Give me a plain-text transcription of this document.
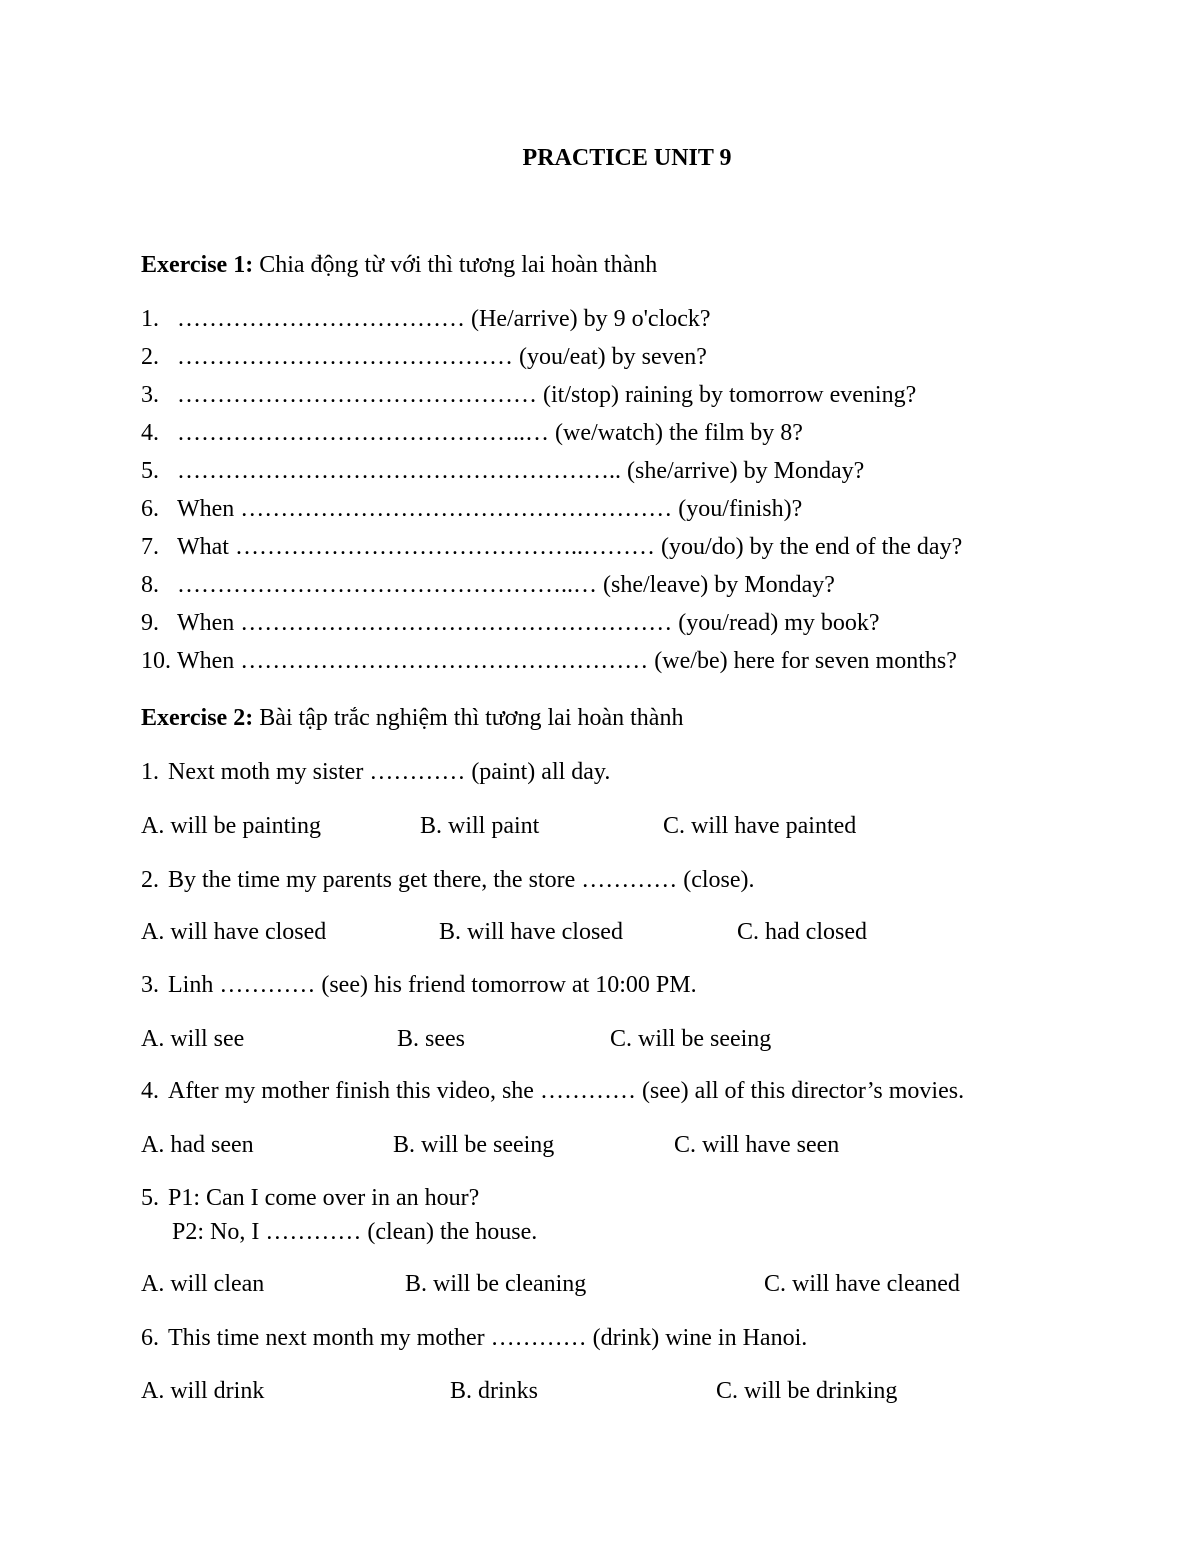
PRACTICE UNIT 9
Exercise 1: Chia động từ với thì tương lai hoàn thành
1. ……………………………… (He/arrive) by 9 o'clock?
2. …………………………………… (you/eat) by seven?
3. ……………………………………… (it/stop) raining by tomorrow evening?
4. ……………………………………..… (we/watch) the film by 8?
5. ……………………………………………….. (she/arrive) by Monday?
6. When ……………………………………………… (you/finish)?
7. What ……………………………………..……… (you/do) by the end of the day?
8. …………………………………………..… (she/leave) by Monday?
9. When ……………………………………………… (you/read) my book?
10. When …………………………………………… (we/be) here for seven months?
Exercise 2: Bài tập trắc nghiệm thì tương lai hoàn thành
1. Next moth my sister ………… (paint) all day.
A. will be painting	B. will paint	C. will have painted
2. By the time my parents get there, the store ………… (close).
A. will have closed	B. will have closed	C. had closed
3. Linh ………… (see) his friend tomorrow at 10:00 PM.
A. will see	B. sees	C. will be seeing
4. After my mother finish this video, she ………… (see) all of this director’s movies.
A. had seen	B. will be seeing	C. will have seen
5. P1: Can I come over in an hour?
P2: No, I ………… (clean) the house.
A. will clean	B. will be cleaning	C. will have cleaned
6. This time next month my mother ………… (drink) wine in Hanoi.
A. will drink	B. drinks	C. will be drinking
